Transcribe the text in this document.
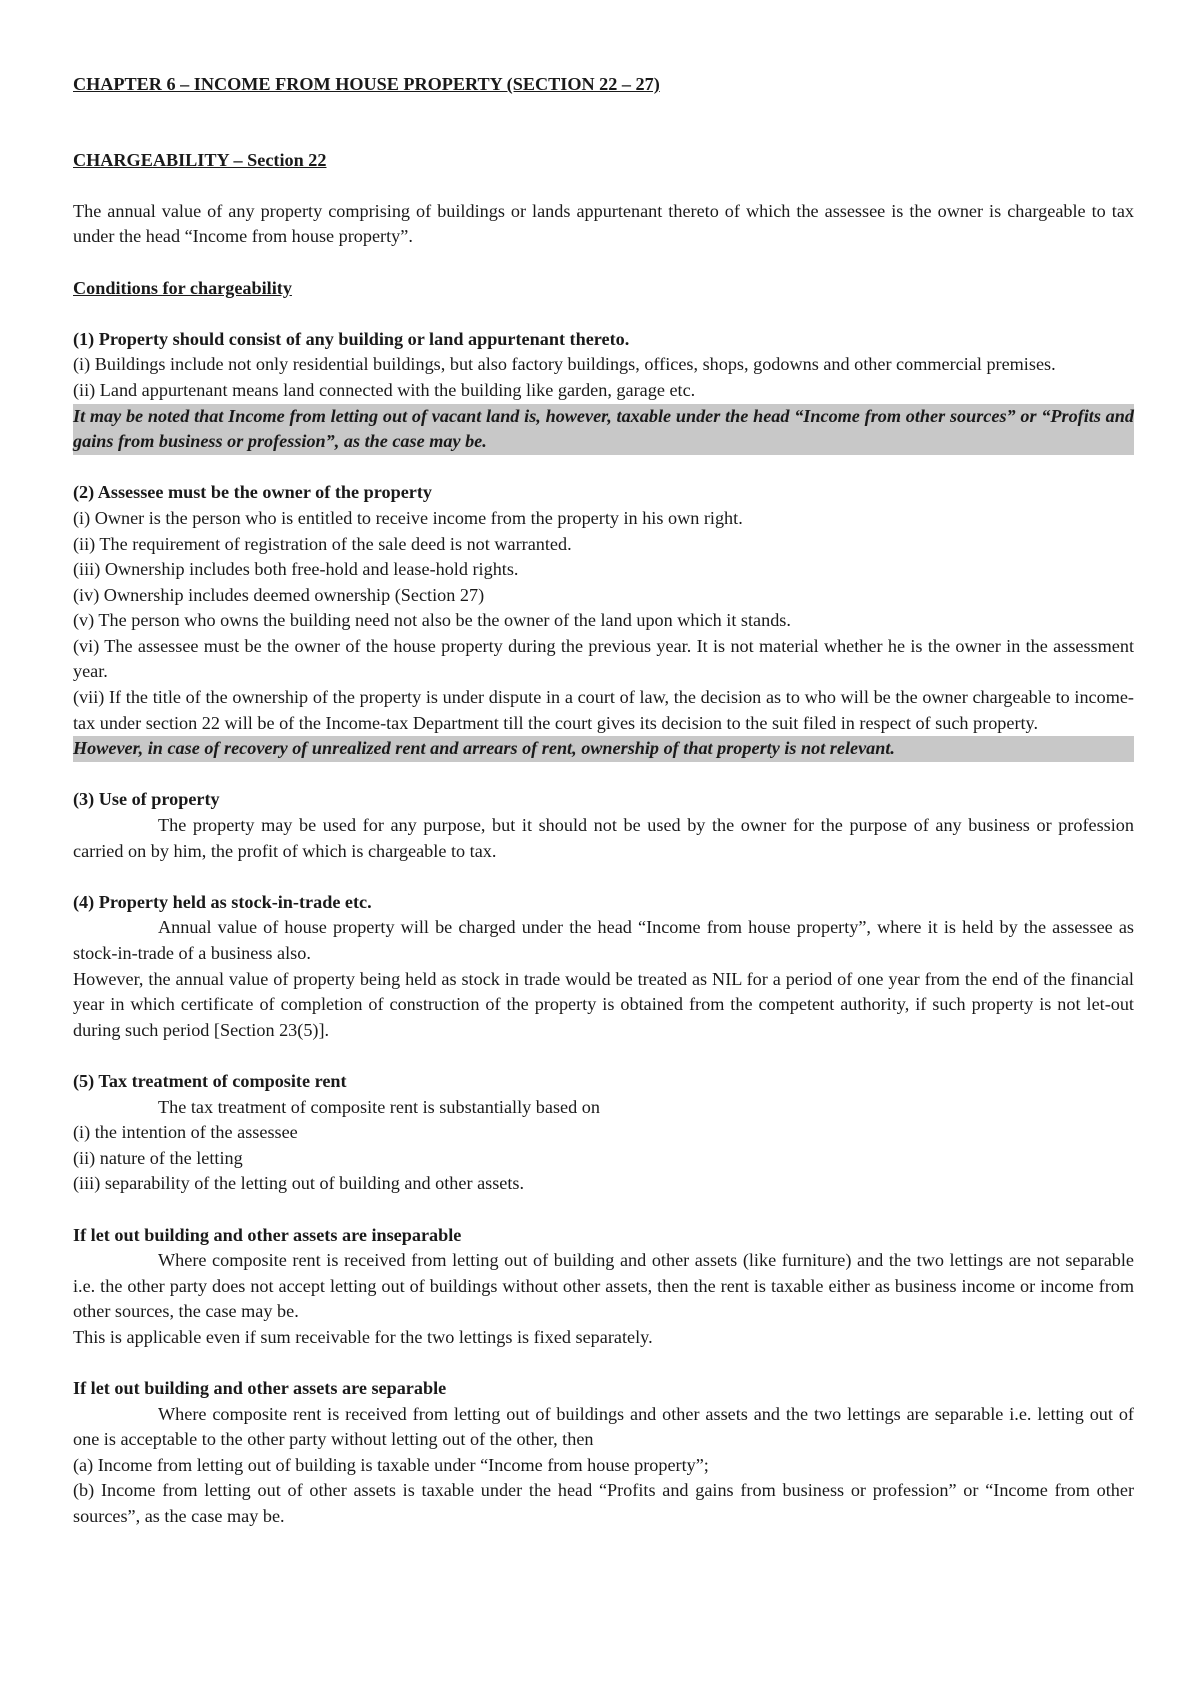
CHAPTER 6 – INCOME FROM HOUSE PROPERTY (SECTION 22 – 27)

CHARGEABILITY – Section 22

The annual value of any property comprising of buildings or lands appurtenant thereto of which the assessee is the owner is chargeable to tax under the head “Income from house property”.

Conditions for chargeability

(1) Property should consist of any building or land appurtenant thereto.

(i) Buildings include not only residential buildings, but also factory buildings, offices, shops, godowns and other commercial premises.

(ii) Land appurtenant means land connected with the building like garden, garage etc.

It may be noted that Income from letting out of vacant land is, however, taxable under the head “Income from other sources” or “Profits and gains from business or profession”, as the case may be.

(2) Assessee must be the owner of the property

(i) Owner is the person who is entitled to receive income from the property in his own right.

(ii) The requirement of registration of the sale deed is not warranted.

(iii) Ownership includes both free-hold and lease-hold rights.

(iv) Ownership includes deemed ownership (Section 27)

(v) The person who owns the building need not also be the owner of the land upon which it stands.

(vi) The assessee must be the owner of the house property during the previous year. It is not material whether he is the owner in the assessment year.

(vii) If the title of the ownership of the property is under dispute in a court of law, the decision as to who will be the owner chargeable to income-tax under section 22 will be of the Income-tax Department till the court gives its decision to the suit filed in respect of such property.

However, in case of recovery of unrealized rent and arrears of rent, ownership of that property is not relevant.

(3) Use of property

The property may be used for any purpose, but it should not be used by the owner for the purpose of any business or profession carried on by him, the profit of which is chargeable to tax.

(4) Property held as stock-in-trade etc.

Annual value of house property will be charged under the head “Income from house property”, where it is held by the assessee as stock-in-trade of a business also.

However, the annual value of property being held as stock in trade would be treated as NIL for a period of one year from the end of the financial year in which certificate of completion of construction of the property is obtained from the competent authority, if such property is not let-out during such period [Section 23(5)].

(5) Tax treatment of composite rent

The tax treatment of composite rent is substantially based on

(i) the intention of the assessee

(ii) nature of the letting

(iii) separability of the letting out of building and other assets.

If let out building and other assets are inseparable

Where composite rent is received from letting out of building and other assets (like furniture) and the two lettings are not separable i.e. the other party does not accept letting out of buildings without other assets, then the rent is taxable either as business income or income from other sources, the case may be.

This is applicable even if sum receivable for the two lettings is fixed separately.

If let out building and other assets are separable

Where composite rent is received from letting out of buildings and other assets and the two lettings are separable i.e. letting out of one is acceptable to the other party without letting out of the other, then

(a) Income from letting out of building is taxable under “Income from house property”;

(b) Income from letting out of other assets is taxable under the head “Profits and gains from business or profession” or “Income from other sources”, as the case may be.
